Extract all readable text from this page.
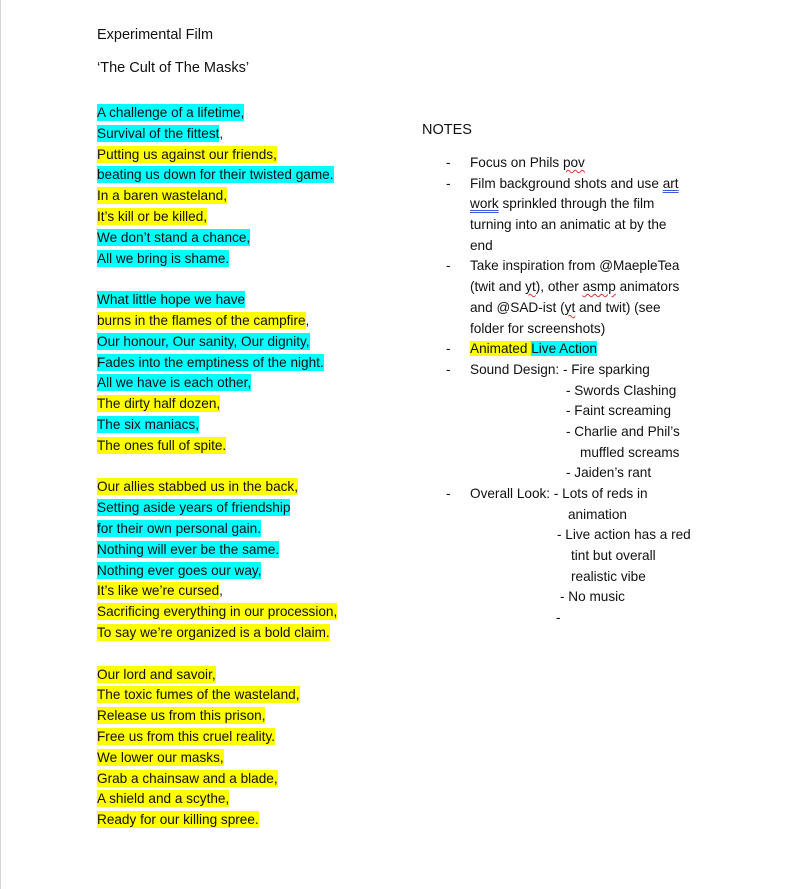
Experimental Film
‘The Cult of The Masks’
A challenge of a lifetime,
Survival of the fittest,
Putting us against our friends,
beating us down for their twisted game.
In a baren wasteland,
It’s kill or be killed,
We don’t stand a chance,
All we bring is shame.
What little hope we have
burns in the flames of the campfire,
Our honour, Our sanity, Our dignity,
Fades into the emptiness of the night.
All we have is each other,
The dirty half dozen,
The six maniacs,
The ones full of spite.
Our allies stabbed us in the back,
Setting aside years of friendship
for their own personal gain.
Nothing will ever be the same.
Nothing ever goes our way,
It’s like we’re cursed,
Sacrificing everything in our procession,
To say we’re organized is a bold claim.
Our lord and savoir,
The toxic fumes of the wasteland,
Release us from this prison,
Free us from this cruel reality.
We lower our masks,
Grab a chainsaw and a blade,
A shield and a scythe,
Ready for our killing spree.
NOTES
-	Focus on Phils pov
-	Film background shots and use art
work sprinkled through the film
turning into an animatic at by the
end
-	Take inspiration from @MaepleTea
(twit and yt), other asmp animators
and @SAD-ist (yt and twit) (see
folder for screenshots)
-	Animated Live Action
-	Sound Design: - Fire sparking
- Swords Clashing
- Faint screaming
- Charlie and Phil’s
muffled screams
- Jaiden’s rant
-	Overall Look: - Lots of reds in
animation
- Live action has a red
tint but overall
realistic vibe
- No music
-
